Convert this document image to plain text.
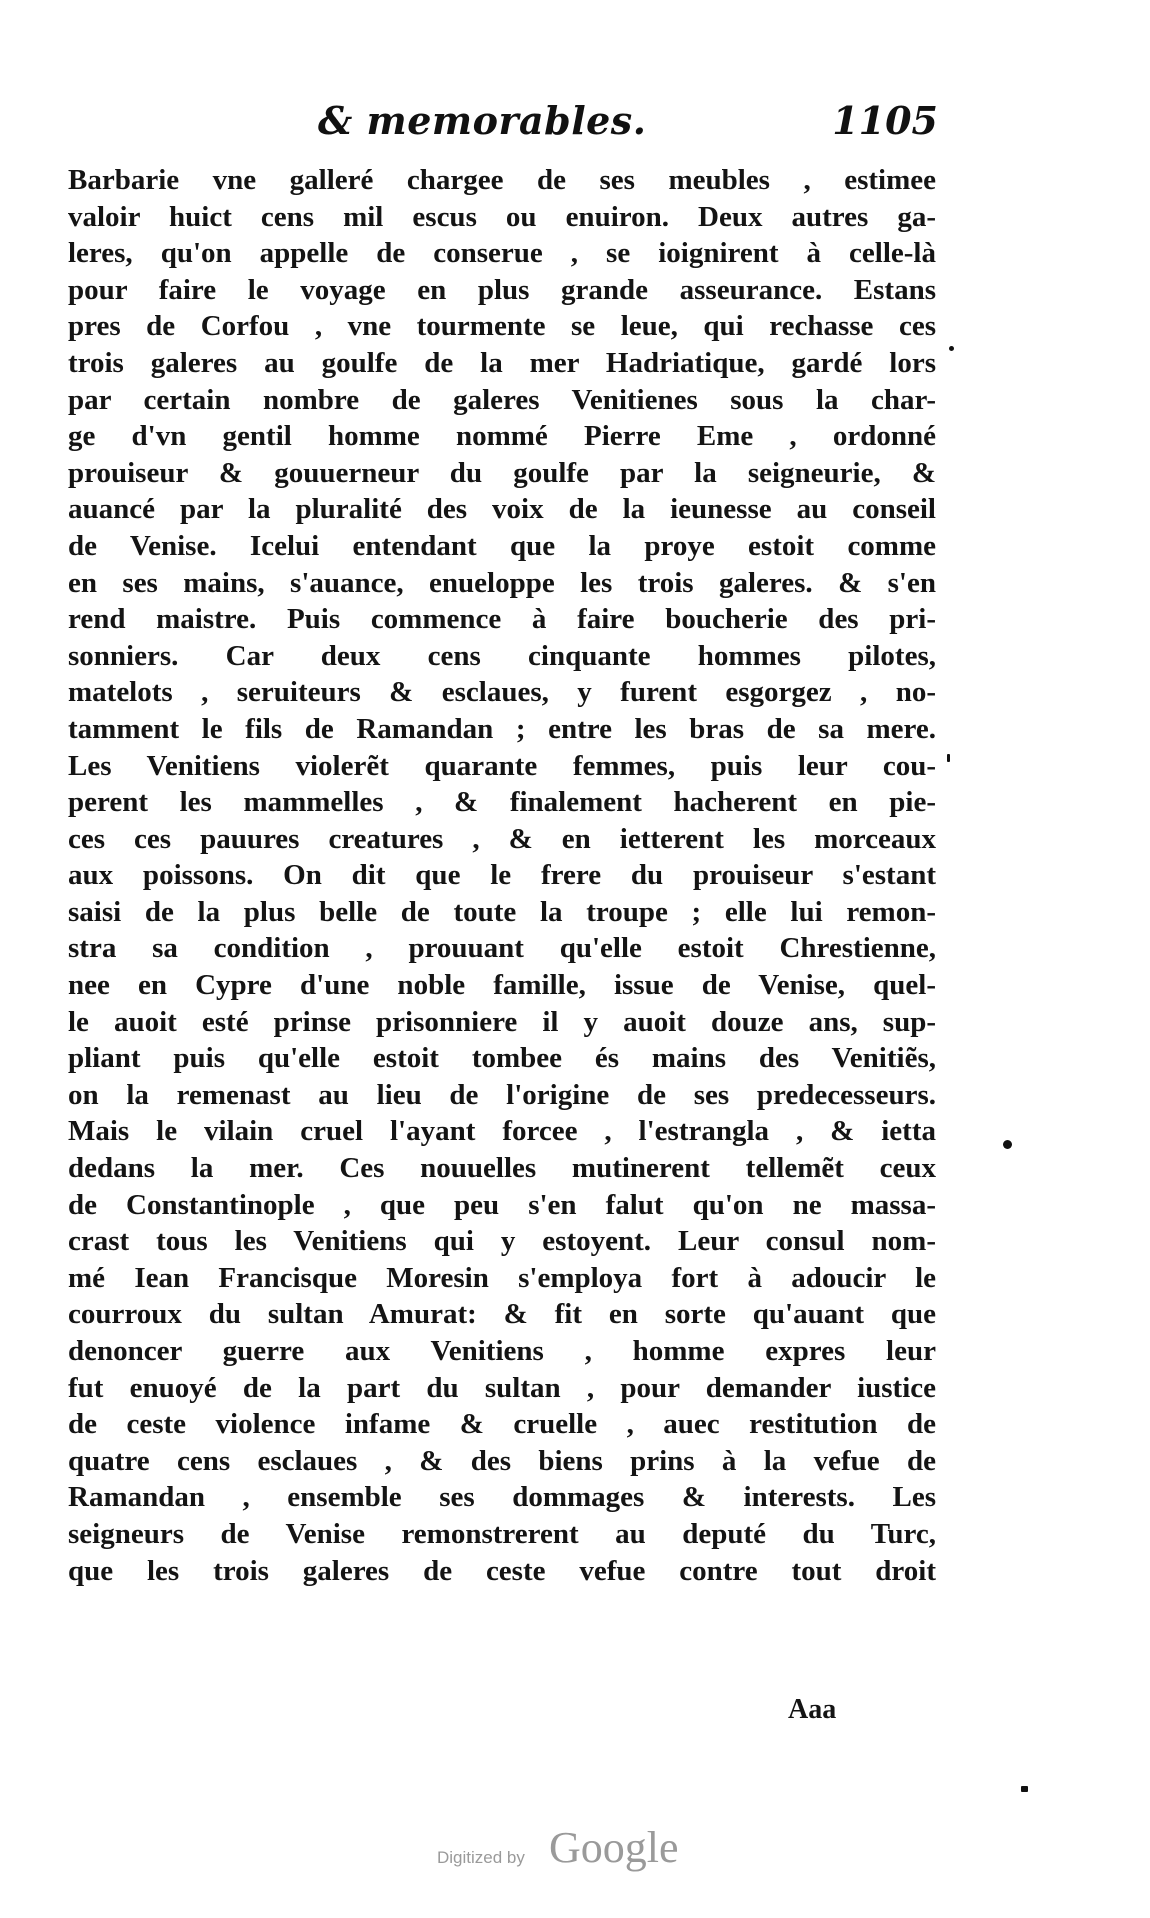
& memorables.	1105
Barbarie vne galleré chargee de ses meubles , estimee
valoir huict cens mil escus ou enuiron. Deux autres ga-
leres, qu'on appelle de conserue , se ioignirent à celle-là
pour faire le voyage en plus grande asseurance. Estans
pres de Corfou , vne tourmente se leue, qui rechasse ces
trois galeres au goulfe de la mer Hadriatique, gardé lors
par certain nombre de galeres Venitienes sous la char-
ge d'vn gentil homme nommé Pierre Eme , ordonné
prouiseur & gouuerneur du goulfe par la seigneurie, &
auancé par la pluralité des voix de la ieunesse au conseil
de Venise. Icelui entendant que la proye estoit comme
en ses mains, s'auance, enueloppe les trois galeres. & s'en
rend maistre. Puis commence à faire boucherie des pri-
sonniers. Car deux cens cinquante hommes pilotes,
matelots , seruiteurs & esclaues, y furent esgorgez , no-
tamment le fils de Ramandan ; entre les bras de sa mere.
Les Venitiens violerẽt quarante femmes, puis leur cou-
perent les mammelles , & finalement hacherent en pie-
ces ces pauures creatures , & en ietterent les morceaux
aux poissons. On dit que le frere du prouiseur s'estant
saisi de la plus belle de toute la troupe ; elle lui remon-
stra sa condition , prouuant qu'elle estoit Chrestienne,
nee en Cypre d'une noble famille, issue de Venise, quel-
le auoit esté prinse prisonniere il y auoit douze ans, sup-
pliant puis qu'elle estoit tombee és mains des Venitiẽs,
on la remenast au lieu de l'origine de ses predecesseurs.
Mais le vilain cruel l'ayant forcee , l'estrangla , & ietta
dedans la mer. Ces nouuelles mutinerent tellemẽt ceux
de Constantinople , que peu s'en falut qu'on ne massa-
crast tous les Venitiens qui y estoyent. Leur consul nom-
mé Iean Francisque Moresin s'employa fort à adoucir le
courroux du sultan Amurat: & fit en sorte qu'auant que
denoncer guerre aux Venitiens , homme expres leur
fut enuoyé de la part du sultan , pour demander iustice
de ceste violence infame & cruelle , auec restitution de
quatre cens esclaues , & des biens prins à la vefue de
Ramandan , ensemble ses dommages & interests. Les
seigneurs de Venise remonstrerent au deputé du Turc,
que les trois galeres de ceste vefue contre tout droit
Aaa
Digitized by Google
